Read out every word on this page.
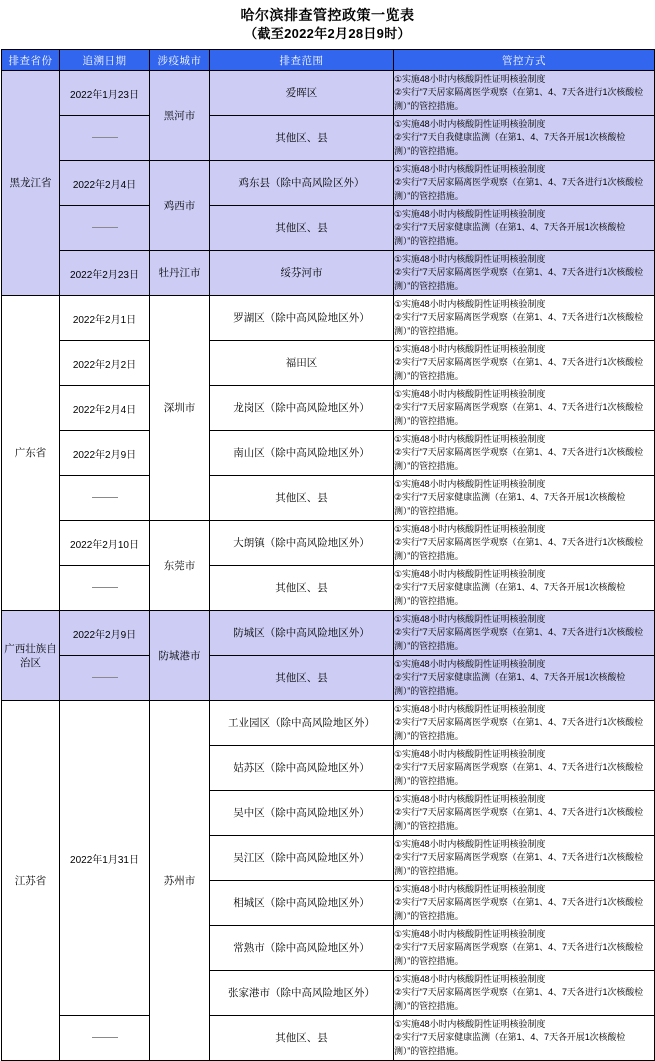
哈尔滨排查管控政策一览表
（截至2022年2月28日9时）
排查省份	追溯日期	涉疫城市	排查范围	管控方式
黑龙江省	2022年1月23日	黑河市	爱晖区	①实施48小时内核酸阴性证明核验制度
②实行“7天居家隔离医学观察（在第1、4、7天各进行1次核酸检
测）”的管控措施。

			其他区、县	①实施48小时内核酸阴性证明核验制度
②实行“7天自我健康监测（在第1、4、7天各开展1次核酸检
测）”的管控措施。

	2022年2月4日	鸡西市	鸡东县（除中高风险区外）	①实施48小时内核酸阴性证明核验制度
②实行“7天居家隔离医学观察（在第1、4、7天各进行1次核酸检
测）”的管控措施。

			其他区、县	①实施48小时内核酸阴性证明核验制度
②实行“7天居家健康监测（在第1、4、7天各开展1次核酸检
测）”的管控措施。

	2022年2月23日	牡丹江市	绥芬河市	①实施48小时内核酸阴性证明核验制度
②实行“7天居家隔离医学观察（在第1、4、7天各进行1次核酸检
测）”的管控措施。

广东省	2022年2月1日	深圳市	罗湖区（除中高风险地区外）	①实施48小时内核酸阴性证明核验制度
②实行“7天居家隔离医学观察（在第1、4、7天各进行1次核酸检
测）”的管控措施。

	2022年2月2日		福田区	①实施48小时内核酸阴性证明核验制度
②实行“7天居家隔离医学观察（在第1、4、7天各进行1次核酸检
测）”的管控措施。

	2022年2月4日		龙岗区（除中高风险地区外）	①实施48小时内核酸阴性证明核验制度
②实行“7天居家隔离医学观察（在第1、4、7天各进行1次核酸检
测）”的管控措施。

	2022年2月9日		南山区（除中高风险地区外）	①实施48小时内核酸阴性证明核验制度
②实行“7天居家隔离医学观察（在第1、4、7天各进行1次核酸检
测）”的管控措施。

			其他区、县	①实施48小时内核酸阴性证明核验制度
②实行“7天居家健康监测（在第1、4、7天各开展1次核酸检
测）”的管控措施。

	2022年2月10日	东莞市	大朗镇（除中高风险地区外）	①实施48小时内核酸阴性证明核验制度
②实行“7天居家隔离医学观察（在第1、4、7天各进行1次核酸检
测）”的管控措施。

			其他区、县	①实施48小时内核酸阴性证明核验制度
②实行“7天居家健康监测（在第1、4、7天各开展1次核酸检
测）”的管控措施。

广西壮族自治区	2022年2月9日	防城港市	防城区（除中高风险地区外）	①实施48小时内核酸阴性证明核验制度
②实行“7天居家隔离医学观察（在第1、4、7天各进行1次核酸检
测）”的管控措施。

			其他区、县	①实施48小时内核酸阴性证明核验制度
②实行“7天居家健康监测（在第1、4、7天各开展1次核酸检
测）”的管控措施。

江苏省	2022年1月31日	苏州市	工业园区（除中高风险地区外）	①实施48小时内核酸阴性证明核验制度
②实行“7天居家隔离医学观察（在第1、4、7天各进行1次核酸检
测）”的管控措施。

			姑苏区（除中高风险地区外）	①实施48小时内核酸阴性证明核验制度
②实行“7天居家隔离医学观察（在第1、4、7天各进行1次核酸检
测）”的管控措施。

			吴中区（除中高风险地区外）	①实施48小时内核酸阴性证明核验制度
②实行“7天居家隔离医学观察（在第1、4、7天各进行1次核酸检
测）”的管控措施。

			吴江区（除中高风险地区外）	①实施48小时内核酸阴性证明核验制度
②实行“7天居家隔离医学观察（在第1、4、7天各进行1次核酸检
测）”的管控措施。

			相城区（除中高风险地区外）	①实施48小时内核酸阴性证明核验制度
②实行“7天居家隔离医学观察（在第1、4、7天各进行1次核酸检
测）”的管控措施。

			常熟市（除中高风险地区外）	①实施48小时内核酸阴性证明核验制度
②实行“7天居家隔离医学观察（在第1、4、7天各进行1次核酸检
测）”的管控措施。

			张家港市（除中高风险地区外）	①实施48小时内核酸阴性证明核验制度
②实行“7天居家隔离医学观察（在第1、4、7天各进行1次核酸检
测）”的管控措施。

			其他区、县	①实施48小时内核酸阴性证明核验制度
②实行“7天居家健康监测（在第1、4、7天各开展1次核酸检
测）”的管控措施。
